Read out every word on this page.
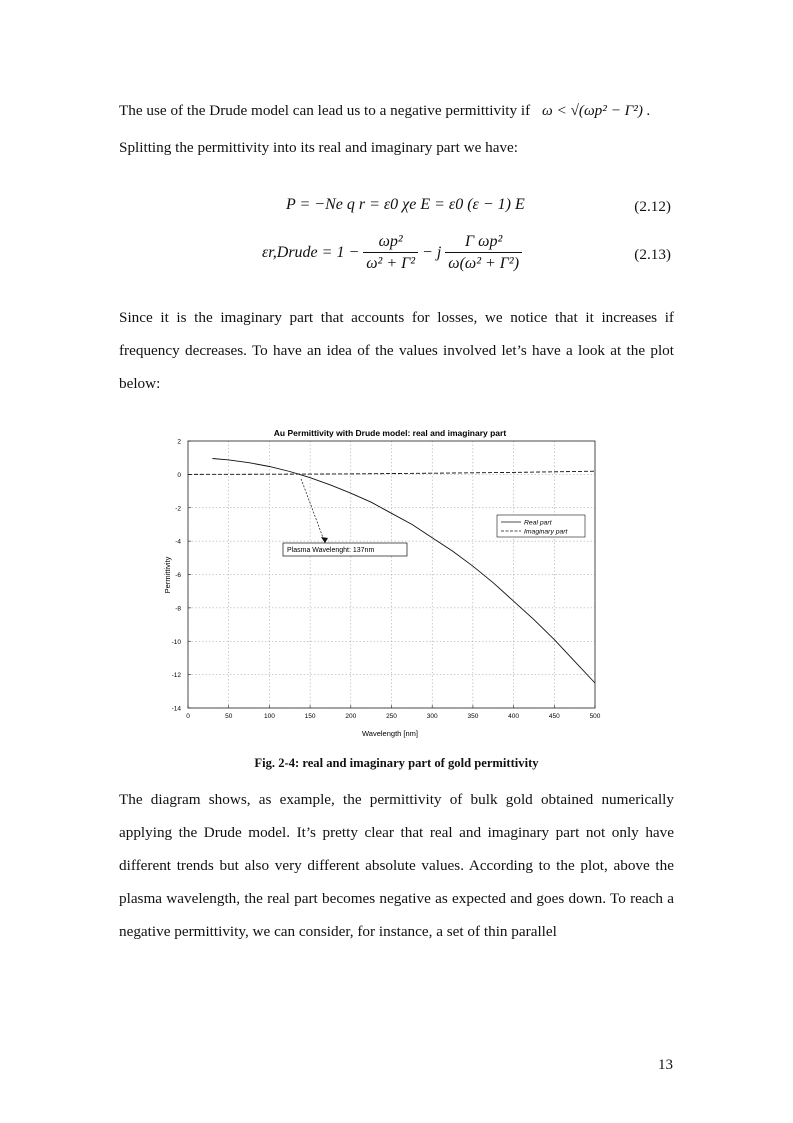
The use of the Drude model can lead us to a negative permittivity if ω < √(ωp² − Γ²) .
Splitting the permittivity into its real and imaginary part we have:
P = −Ne q r = ε0 χe E = ε0 (ε − 1) E	(2.12)
εr,Drude = $1 - \frac{\text{ωp²}}{\text{ω² + Γ²}} - j \frac{\text{Γ ωp²}}{\text{ω(ω² + Γ²)}}$	(2.13)

Since it is the imaginary part that accounts for losses, we notice that it increases if frequency decreases. To have an idea of the values involved let’s have a look at the plot below:

Au Permittivity with Drude model: real and imaginary part
0	50	100	150	200	250	300	350	400	450	500
2
0
-2
-4
-6
-8
-10
-12
-14
Plasma Wavelenght: 137nm
Real part
Imaginary part
Wavelength [nm]
Permittivity
Fig. 2-4: real and imaginary part of gold permittivity

The diagram shows, as example, the permittivity of bulk gold obtained numerically applying the Drude model. It’s pretty clear that real and imaginary part not only have different trends but also very different absolute values. According to the plot, above the plasma wavelength, the real part becomes negative as expected and goes down. To reach a negative permittivity, we can consider, for instance, a set of thin parallel

13
